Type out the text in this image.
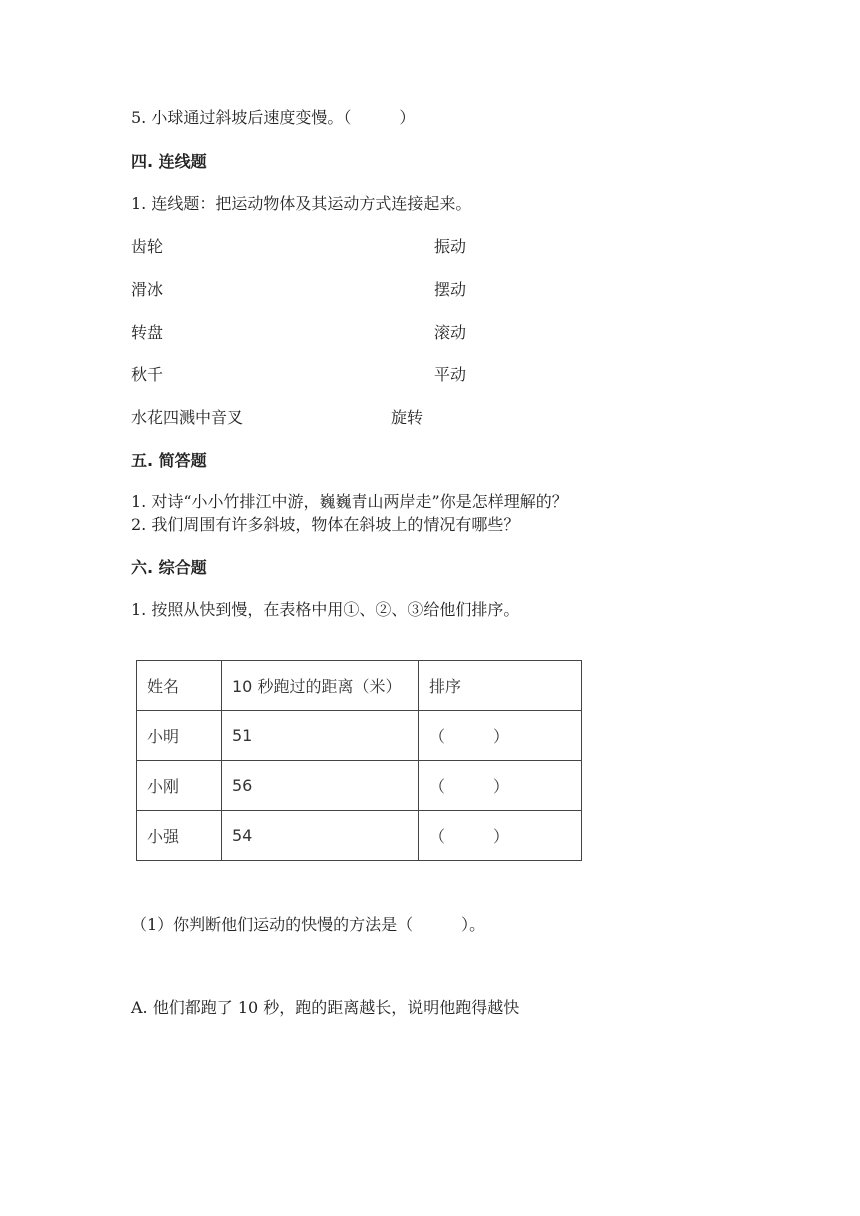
5. 小球通过斜坡后速度变慢。（　　　）
四. 连线题
1. 连线题：把运动物体及其运动方式连接起来。
齿轮	振动
滑冰	摆动
转盘	滚动
秋千	平动
水花四溅中音叉	旋转
五. 简答题
1. 对诗“小小竹排江中游，巍巍青山两岸走”你是怎样理解的？
2. 我们周围有许多斜坡，物体在斜坡上的情况有哪些？
六. 综合题
1. 按照从快到慢，在表格中用①、②、③给他们排序。
姓名	10 秒跑过的距离（米）	排序
小明	51	（　　　）
小刚	56	（　　　）
小强	54	（　　　）
（1）你判断他们运动的快慢的方法是（　　　）。
A. 他们都跑了 10 秒，跑的距离越长，说明他跑得越快
